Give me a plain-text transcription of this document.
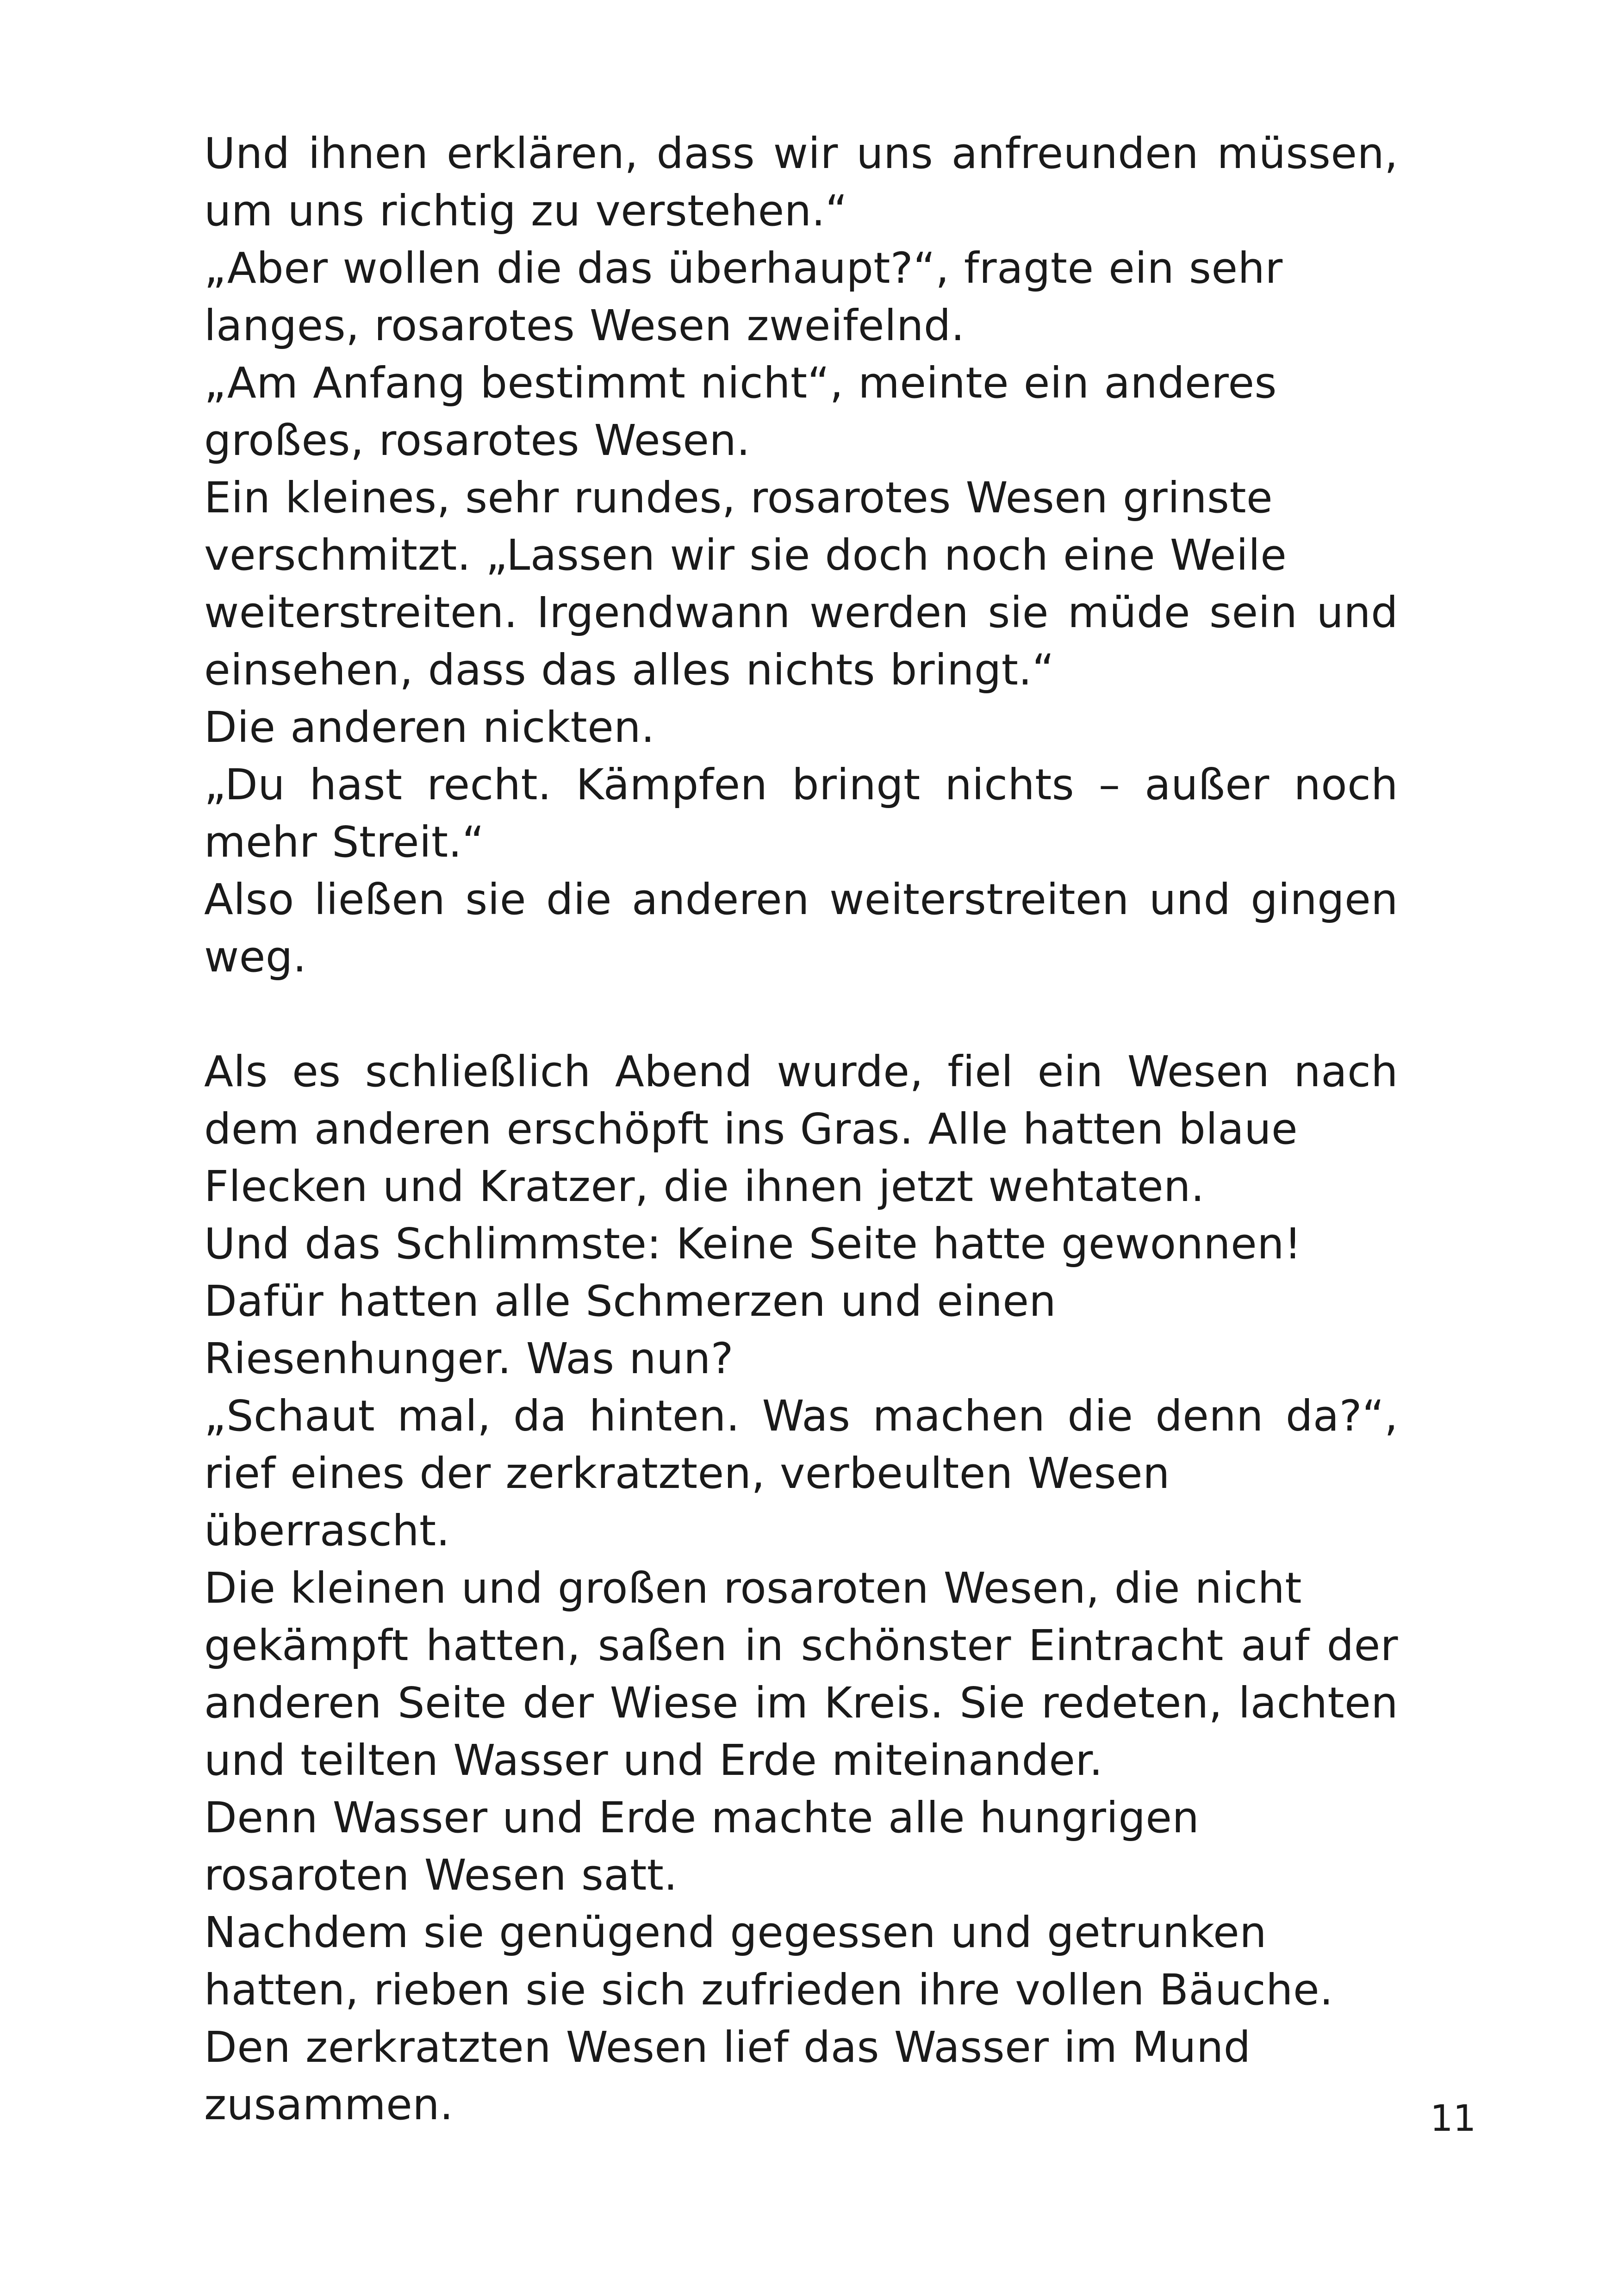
Und ihnen erklären, dass wir uns anfreunden müssen,
um uns richtig zu verstehen.“
„Aber wollen die das überhaupt?“, fragte ein sehr
langes, rosarotes Wesen zweifelnd.
„Am Anfang bestimmt nicht“, meinte ein anderes
großes, rosarotes Wesen.
Ein kleines, sehr rundes, rosarotes Wesen grinste
verschmitzt. „Lassen wir sie doch noch eine Weile
weiterstreiten. Irgendwann werden sie müde sein und
einsehen, dass das alles nichts bringt.“
Die anderen nickten.
„Du hast recht. Kämpfen bringt nichts – außer noch
mehr Streit.“
Also ließen sie die anderen weiterstreiten und gingen
weg.
Als es schließlich Abend wurde, fiel ein Wesen nach
dem anderen erschöpft ins Gras. Alle hatten blaue
Flecken und Kratzer, die ihnen jetzt wehtaten.
Und das Schlimmste: Keine Seite hatte gewonnen!
Dafür hatten alle Schmerzen und einen
Riesenhunger. Was nun?
„Schaut mal, da hinten. Was machen die denn da?“,
rief eines der zerkratzten, verbeulten Wesen
überrascht.
Die kleinen und großen rosaroten Wesen, die nicht
gekämpft hatten, saßen in schönster Eintracht auf der
anderen Seite der Wiese im Kreis. Sie redeten, lachten
und teilten Wasser und Erde miteinander.
Denn Wasser und Erde machte alle hungrigen
rosaroten Wesen satt.
Nachdem sie genügend gegessen und getrunken
hatten, rieben sie sich zufrieden ihre vollen Bäuche.
Den zerkratzten Wesen lief das Wasser im Mund
zusammen.	11
